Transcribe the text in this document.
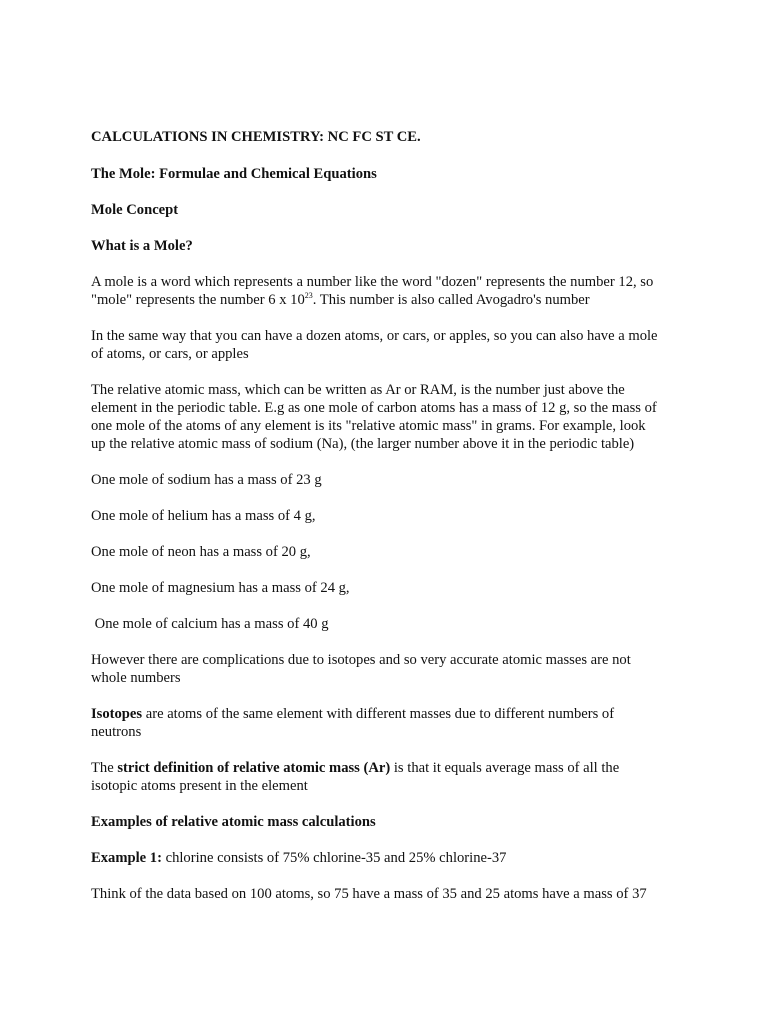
CALCULATIONS IN CHEMISTRY: NC FC ST CE.
The Mole: Formulae and Chemical Equations
Mole Concept
What is a Mole?
A mole is a word which represents a number like the word "dozen" represents the number 12, so
"mole" represents the number 6 x $10^{23}$. This number is also called Avogadro's number
In the same way that you can have a dozen atoms, or cars, or apples, so you can also have a mole
of atoms, or cars, or apples
The relative atomic mass, which can be written as Ar or RAM, is the number just above the
element in the periodic table. E.g as one mole of carbon atoms has a mass of 12 g, so the mass of
one mole of the atoms of any element is its "relative atomic mass" in grams. For example, look
up the relative atomic mass of sodium (Na), (the larger number above it in the periodic table)
One mole of sodium has a mass of 23 g
One mole of helium has a mass of 4 g,
One mole of neon has a mass of 20 g,
One mole of magnesium has a mass of 24 g,
One mole of calcium has a mass of 40 g
However there are complications due to isotopes and so very accurate atomic masses are not
whole numbers
Isotopes are atoms of the same element with different masses due to different numbers of
neutrons
The strict definition of relative atomic mass (Ar) is that it equals average mass of all the
isotopic atoms present in the element
Examples of relative atomic mass calculations
Example 1: chlorine consists of 75% chlorine-35 and 25% chlorine-37
Think of the data based on 100 atoms, so 75 have a mass of 35 and 25 atoms have a mass of 37
